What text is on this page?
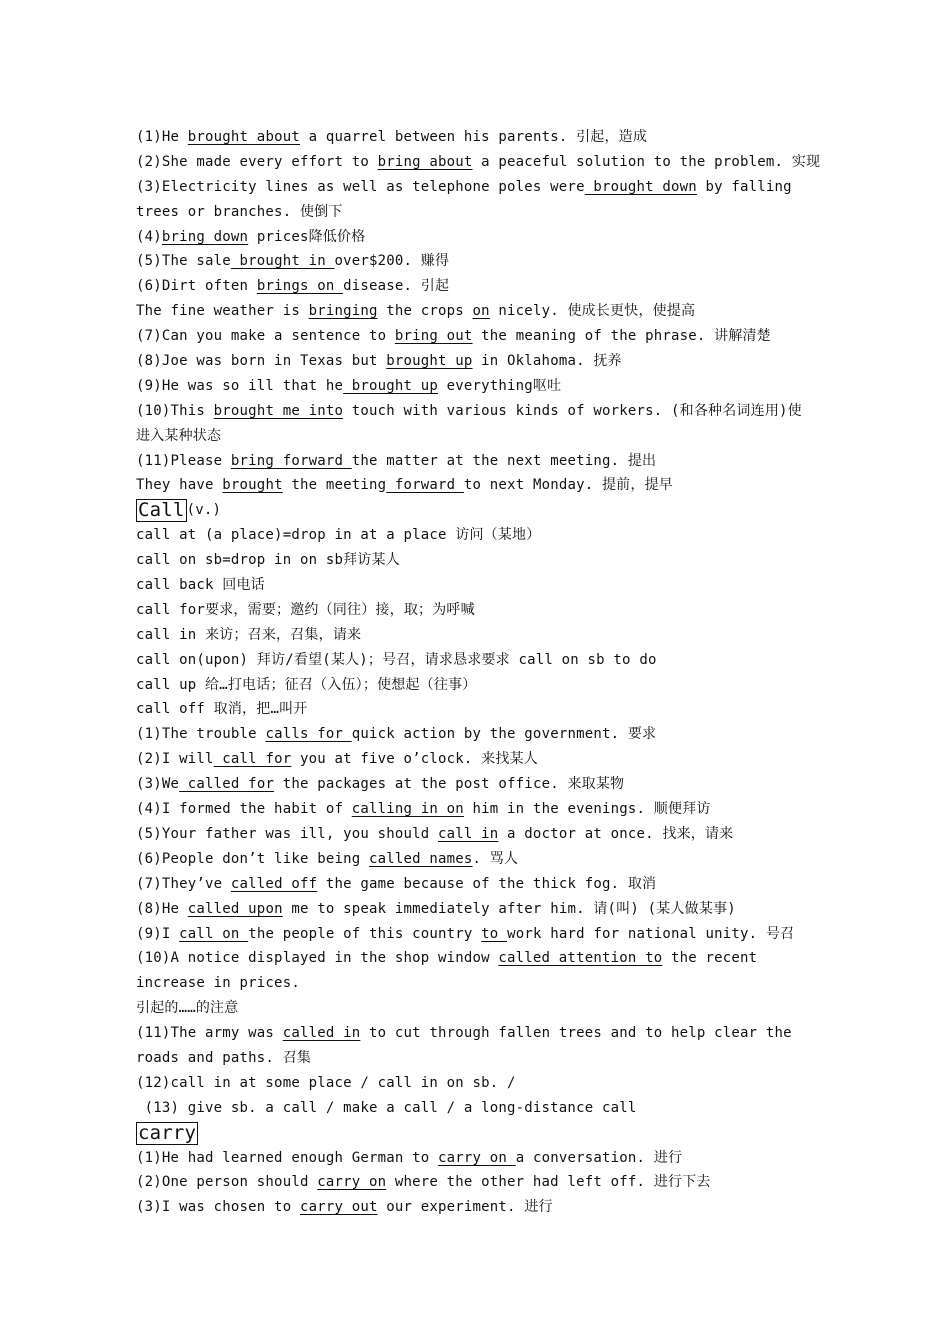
(1)He brought about a quarrel between his parents. 引起，造成
(2)She made every effort to bring about a peaceful solution to the problem. 实现
(3)Electricity lines as well as telephone poles were brought down by falling
trees or branches. 使倒下
(4)bring down prices降低价格
(5)The sale brought in over$200. 赚得
(6)Dirt often brings on disease. 引起
The fine weather is bringing the crops on nicely. 使成长更快，使提高
(7)Can you make a sentence to bring out the meaning of the phrase. 讲解清楚
(8)Joe was born in Texas but brought up in Oklahoma. 抚养
(9)He was so ill that he brought up everything呕吐
(10)This brought me into touch with various kinds of workers. (和各种名词连用)使
进入某种状态
(11)Please bring forward the matter at the next meeting. 提出
They have brought the meeting forward to next Monday. 提前，提早
Call (v.)
call at (a place)=drop in at a place 访问（某地）
call on sb=drop in on sb拜访某人
call back 回电话
call for要求，需要；邀约（同往）接，取；为呼喊
call in 来访；召来，召集，请来
call on(upon) 拜访/看望(某人)；号召，请求恳求要求 call on sb to do
call up 给…打电话；征召（入伍）；使想起（往事）
call off 取消，把…叫开
(1)The trouble calls for quick action by the government. 要求
(2)I will call for you at five o’clock. 来找某人
(3)We called for the packages at the post office. 来取某物
(4)I formed the habit of calling in on him in the evenings. 顺便拜访
(5)Your father was ill, you should call in a doctor at once. 找来，请来
(6)People don’t like being called names. 骂人
(7)They’ve called off the game because of the thick fog. 取消
(8)He called upon me to speak immediately after him. 请(叫) (某人做某事)
(9)I call on the people of this country to work hard for national unity. 号召
(10)A notice displayed in the shop window called attention to the recent
increase in prices.
引起的……的注意
(11)The army was called in to cut through fallen trees and to help clear the
roads and paths. 召集
(12)call in at some place / call in on sb. /
(13) give sb. a call / make a call / a long-distance call
carry
(1)He had learned enough German to carry on a conversation. 进行
(2)One person should carry on where the other had left off. 进行下去
(3)I was chosen to carry out our experiment. 进行
